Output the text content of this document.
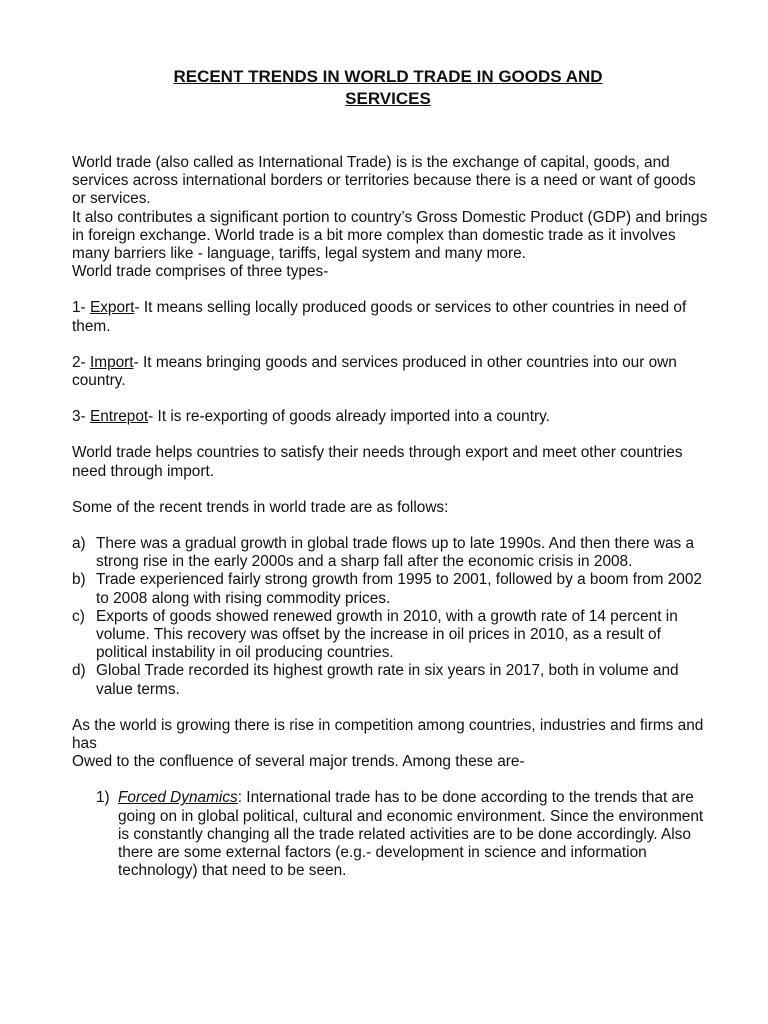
RECENT TRENDS IN WORLD TRADE IN GOODS AND
SERVICES

World trade (also called as International Trade) is is the exchange of capital, goods, and services across international borders or territories because there is a need or want of goods or services.

It also contributes a significant portion to country’s Gross Domestic Product (GDP) and brings in foreign exchange. World trade is a bit more complex than domestic trade as it involves many barriers like - language, tariffs, legal system and many more.

World trade comprises of three types-

1- Export- It means selling locally produced goods or services to other countries in need of them.

2- Import- It means bringing goods and services produced in other countries into our own country.

3- Entrepot- It is re-exporting of goods already imported into a country.

World trade helps countries to satisfy their needs through export and meet other countries need through import.

Some of the recent trends in world trade are as follows:

a) There was a gradual growth in global trade flows up to late 1990s. And then there was a strong rise in the early 2000s and a sharp fall after the economic crisis in 2008.
b) Trade experienced fairly strong growth from 1995 to 2001, followed by a boom from 2002 to 2008 along with rising commodity prices.
c) Exports of goods showed renewed growth in 2010, with a growth rate of 14 percent in volume. This recovery was offset by the increase in oil prices in 2010, as a result of political instability in oil producing countries.
d) Global Trade recorded its highest growth rate in six years in 2017, both in volume and value terms.

As the world is growing there is rise in competition among countries, industries and firms and has

Owed to the confluence of several major trends. Among these are-

1) Forced Dynamics: International trade has to be done according to the trends that are going on in global political, cultural and economic environment. Since the environment is constantly changing all the trade related activities are to be done accordingly. Also there are some external factors (e.g.- development in science and information technology) that need to be seen.
